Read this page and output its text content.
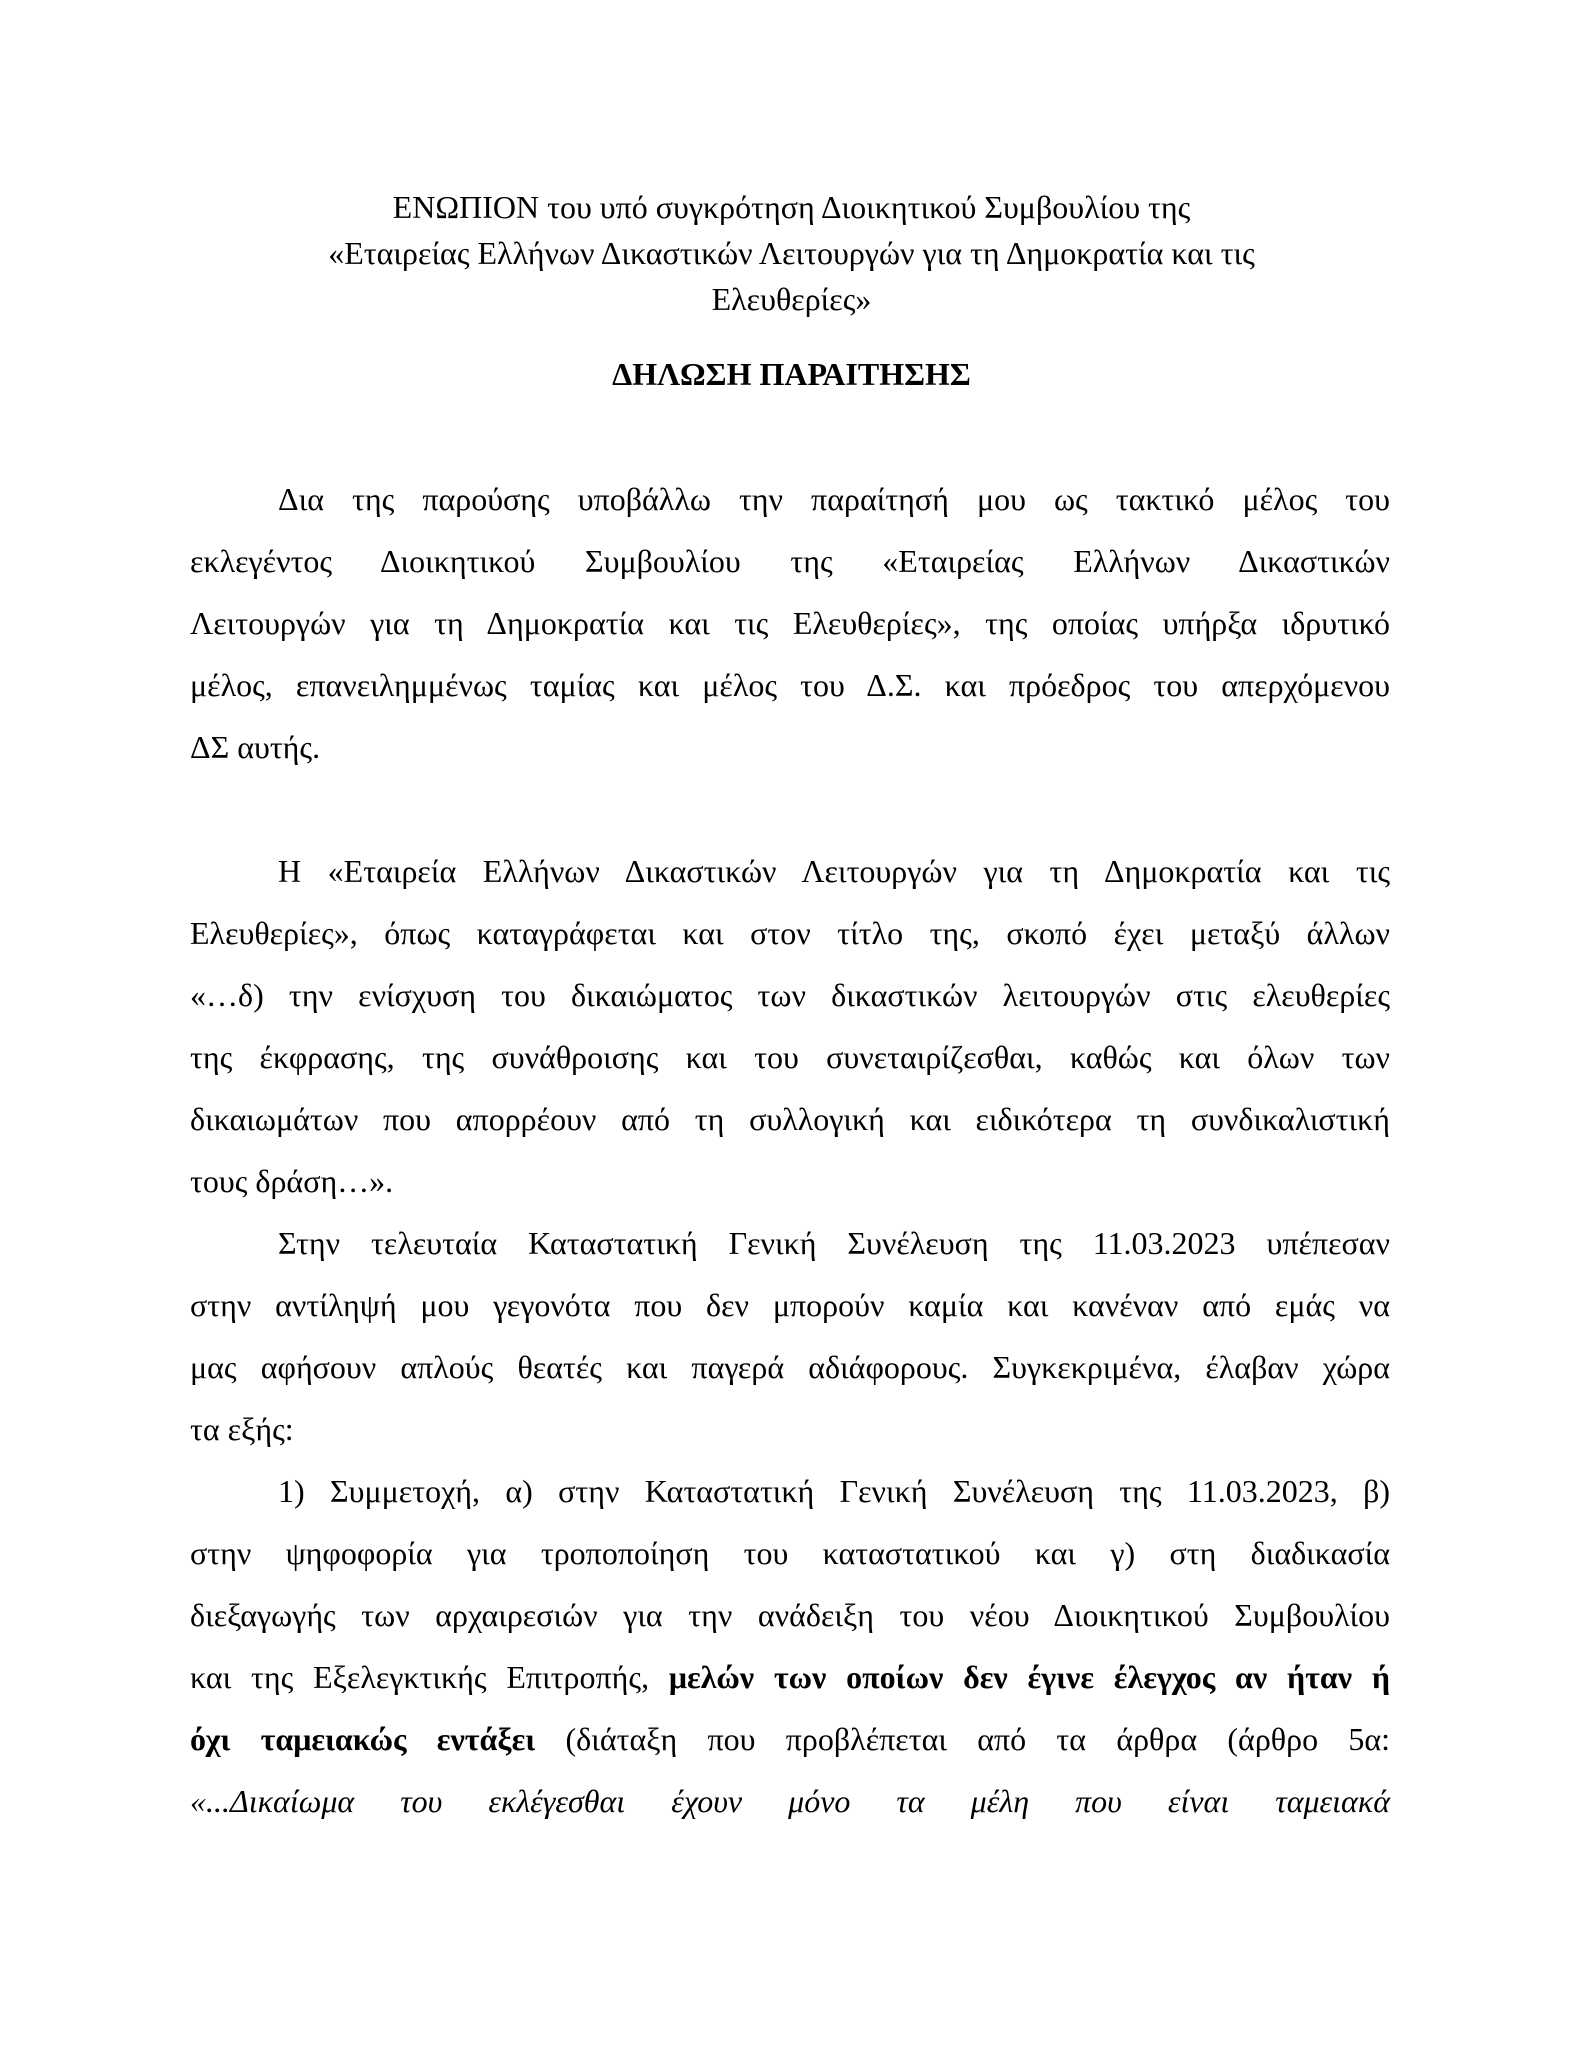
ΕΝΩΠΙΟΝ του υπό συγκρότηση Διοικητικού Συμβουλίου της
«Εταιρείας Ελλήνων Δικαστικών Λειτουργών για τη Δημοκρατία και τις
Ελευθερίες»
ΔΗΛΩΣΗ ΠΑΡΑΙΤΗΣΗΣ
Δια της παρούσης υποβάλλω την παραίτησή μου ως τακτικό μέλος του
εκλεγέντος Διοικητικού Συμβουλίου της «Εταιρείας Ελλήνων Δικαστικών
Λειτουργών για τη Δημοκρατία και τις Ελευθερίες», της οποίας υπήρξα ιδρυτικό
μέλος, επανειλημμένως ταμίας και μέλος του Δ.Σ. και πρόεδρος του απερχόμενου
ΔΣ αυτής.
Η «Εταιρεία Ελλήνων Δικαστικών Λειτουργών για τη Δημοκρατία και τις
Ελευθερίες», όπως καταγράφεται και στον τίτλο της, σκοπό έχει μεταξύ άλλων
«…δ) την ενίσχυση του δικαιώματος των δικαστικών λειτουργών στις ελευθερίες
της έκφρασης, της συνάθροισης και του συνεταιρίζεσθαι, καθώς και όλων των
δικαιωμάτων που απορρέουν από τη συλλογική και ειδικότερα τη συνδικαλιστική
τους δράση…».
Στην τελευταία Καταστατική Γενική Συνέλευση της 11.03.2023 υπέπεσαν
στην αντίληψή μου γεγονότα που δεν μπορούν καμία και κανέναν από εμάς να
μας αφήσουν απλούς θεατές και παγερά αδιάφορους. Συγκεκριμένα, έλαβαν χώρα
τα εξής:
1) Συμμετοχή, α) στην Καταστατική Γενική Συνέλευση της 11.03.2023, β)
στην ψηφοφορία για τροποποίηση του καταστατικού και γ) στη διαδικασία
διεξαγωγής των αρχαιρεσιών για την ανάδειξη του νέου Διοικητικού Συμβουλίου
και της Εξελεγκτικής Επιτροπής, μελών των οποίων δεν έγινε έλεγχος αν ήταν ή
όχι ταμειακώς εντάξει (διάταξη που προβλέπεται από τα άρθρα (άρθρο 5α:
«...Δικαίωμα του εκλέγεσθαι έχουν μόνο τα μέλη που είναι ταμειακά
